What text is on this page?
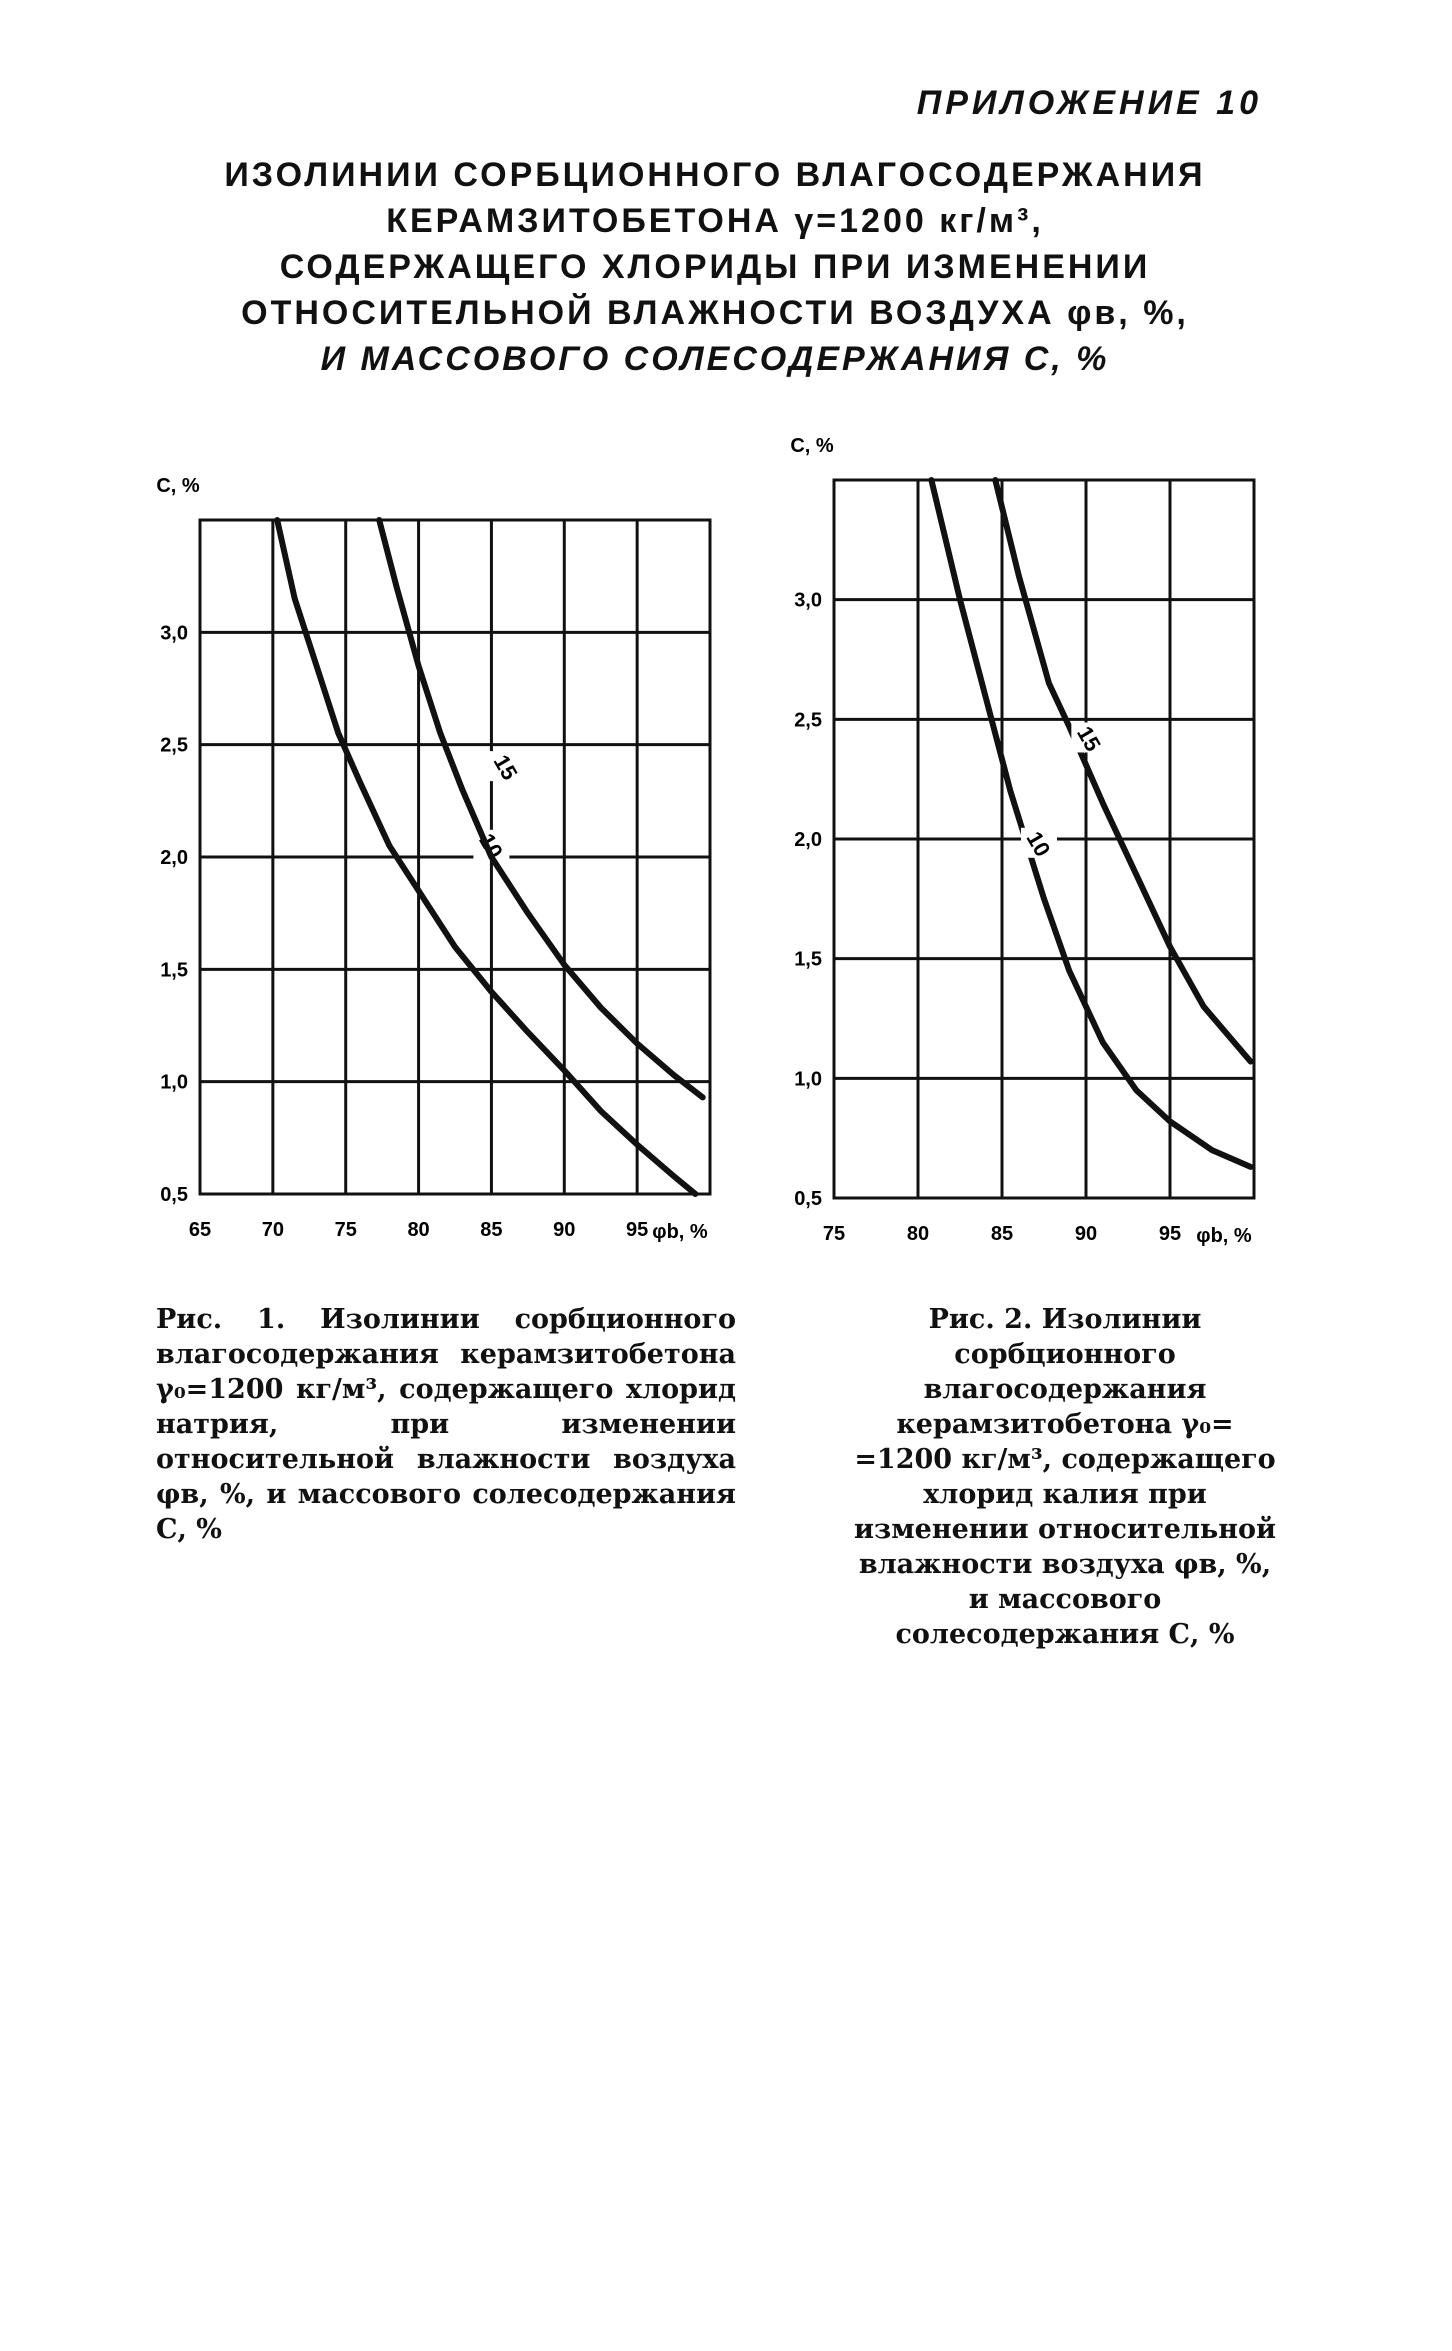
ПРИЛОЖЕНИЕ 10
ИЗОЛИНИИ СОРБЦИОННОГО ВЛАГОСОДЕРЖАНИЯ
КЕРАМЗИТОБЕТОНА γ=1200 кг/м³,
СОДЕРЖАЩЕГО ХЛОРИДЫ ПРИ ИЗМЕНЕНИИ
ОТНОСИТЕЛЬНОЙ ВЛАЖНОСТИ ВОЗДУХА φв, %,
И МАССОВОГО СОЛЕСОДЕРЖАНИЯ С, %
65	70	75	80	85	90	95
0,5
1,0
1,5
2,0
2,5
3,0
С, %
φb, %
10
15
75	80	85	90	95
0,5
1,0
1,5
2,0
2,5
3,0
С, %
φb, %
10
15
Рис. 1. Изолинии сорбционного влагосодержания керамзитобетона γ₀=1200 кг/м³, содержащего хлорид натрия, при изменении относительной влажности воздуха φв, %, и массового солесодержания С, %
Рис. 2. Изолинии сорбционного влагосодержания керамзитобетона γ₀= =1200 кг/м³, содержащего хлорид калия при изменении относительной влажности воздуха φв, %, и массового солесодержания С, %
